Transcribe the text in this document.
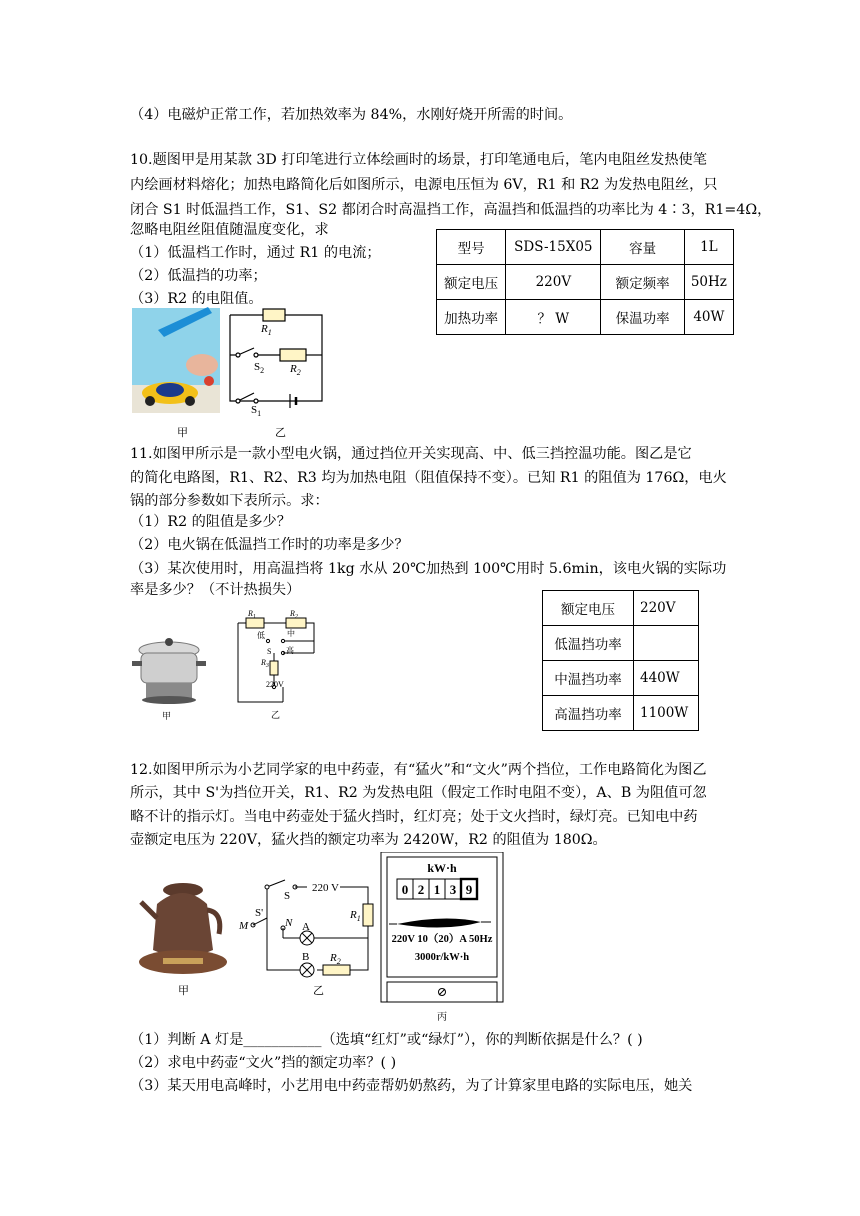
（4）电磁炉正常工作，若加热效率为 84%，水刚好烧开所需的时间。
10.题图甲是用某款 3D 打印笔进行立体绘画时的场景，打印笔通电后，笔内电阻丝发热使笔
内绘画材料熔化；加热电路简化后如图所示，电源电压恒为 6V，R1 和 R2 为发热电阻丝，只
闭合 S1 时低温挡工作，S1、S2 都闭合时高温挡工作，高温挡和低温挡的功率比为 4∶3，R1=4Ω，
忽略电阻丝阻值随温度变化，求
（1）低温档工作时，通过 R1 的电流；
（2）低温挡的功率；
（3）R2 的电阻值。
型号	SDS-15X05	容量	1L
额定电压	220V	额定频率	50Hz
加热功率	？ W	保温功率	40W
$R_1$
$R_2$
$S_2$
$S_1$
甲	乙
11.如图甲所示是一款小型电火锅，通过挡位开关实现高、中、低三挡控温功能。图乙是它
的简化电路图，R1、R2、R3 均为加热电阻（阻值保持不变）。已知 R1 的阻值为 176Ω，电火
锅的部分参数如下表所示。求：
（1）R2 的阻值是多少？
（2）电火锅在低温挡工作时的功率是多少？
（3）某次使用时，用高温挡将 1kg 水从 20℃加热到 100℃用时 5.6min，该电火锅的实际功
率是多少？（不计热损失）
额定电压	220V
低温挡功率	
中温挡功率	440W
高温挡功率	1100W
$R_1$	$R_2$
低	中
高
S
$R_3$
220V
甲	乙
12.如图甲所示为小艺同学家的电中药壶，有“猛火”和“文火”两个挡位，工作电路简化为图乙
所示，其中 S'为挡位开关，R1、R2 为发热电阻（假定工作时电阻不变），A、B 为阻值可忽
略不计的指示灯。当电中药壶处于猛火挡时，红灯亮；处于文火挡时，绿灯亮。已知电中药
壶额定电压为 220V，猛火挡的额定功率为 2420W，R2 的阻值为 180Ω。
S
220 V
S'
M	N A
B
$R_1$
$R_2$
甲	乙
kW·h
0 2 1 3 9
220V 10（20）A 50Hz
3000r/kW·h
丙
（1）判断 A 灯是___________（选填“红灯”或“绿灯”），你的判断依据是什么？( )
（2）求电中药壶“文火”挡的额定功率？( )
（3）某天用电高峰时，小艺用电中药壶帮奶奶熬药，为了计算家里电路的实际电压，她关
